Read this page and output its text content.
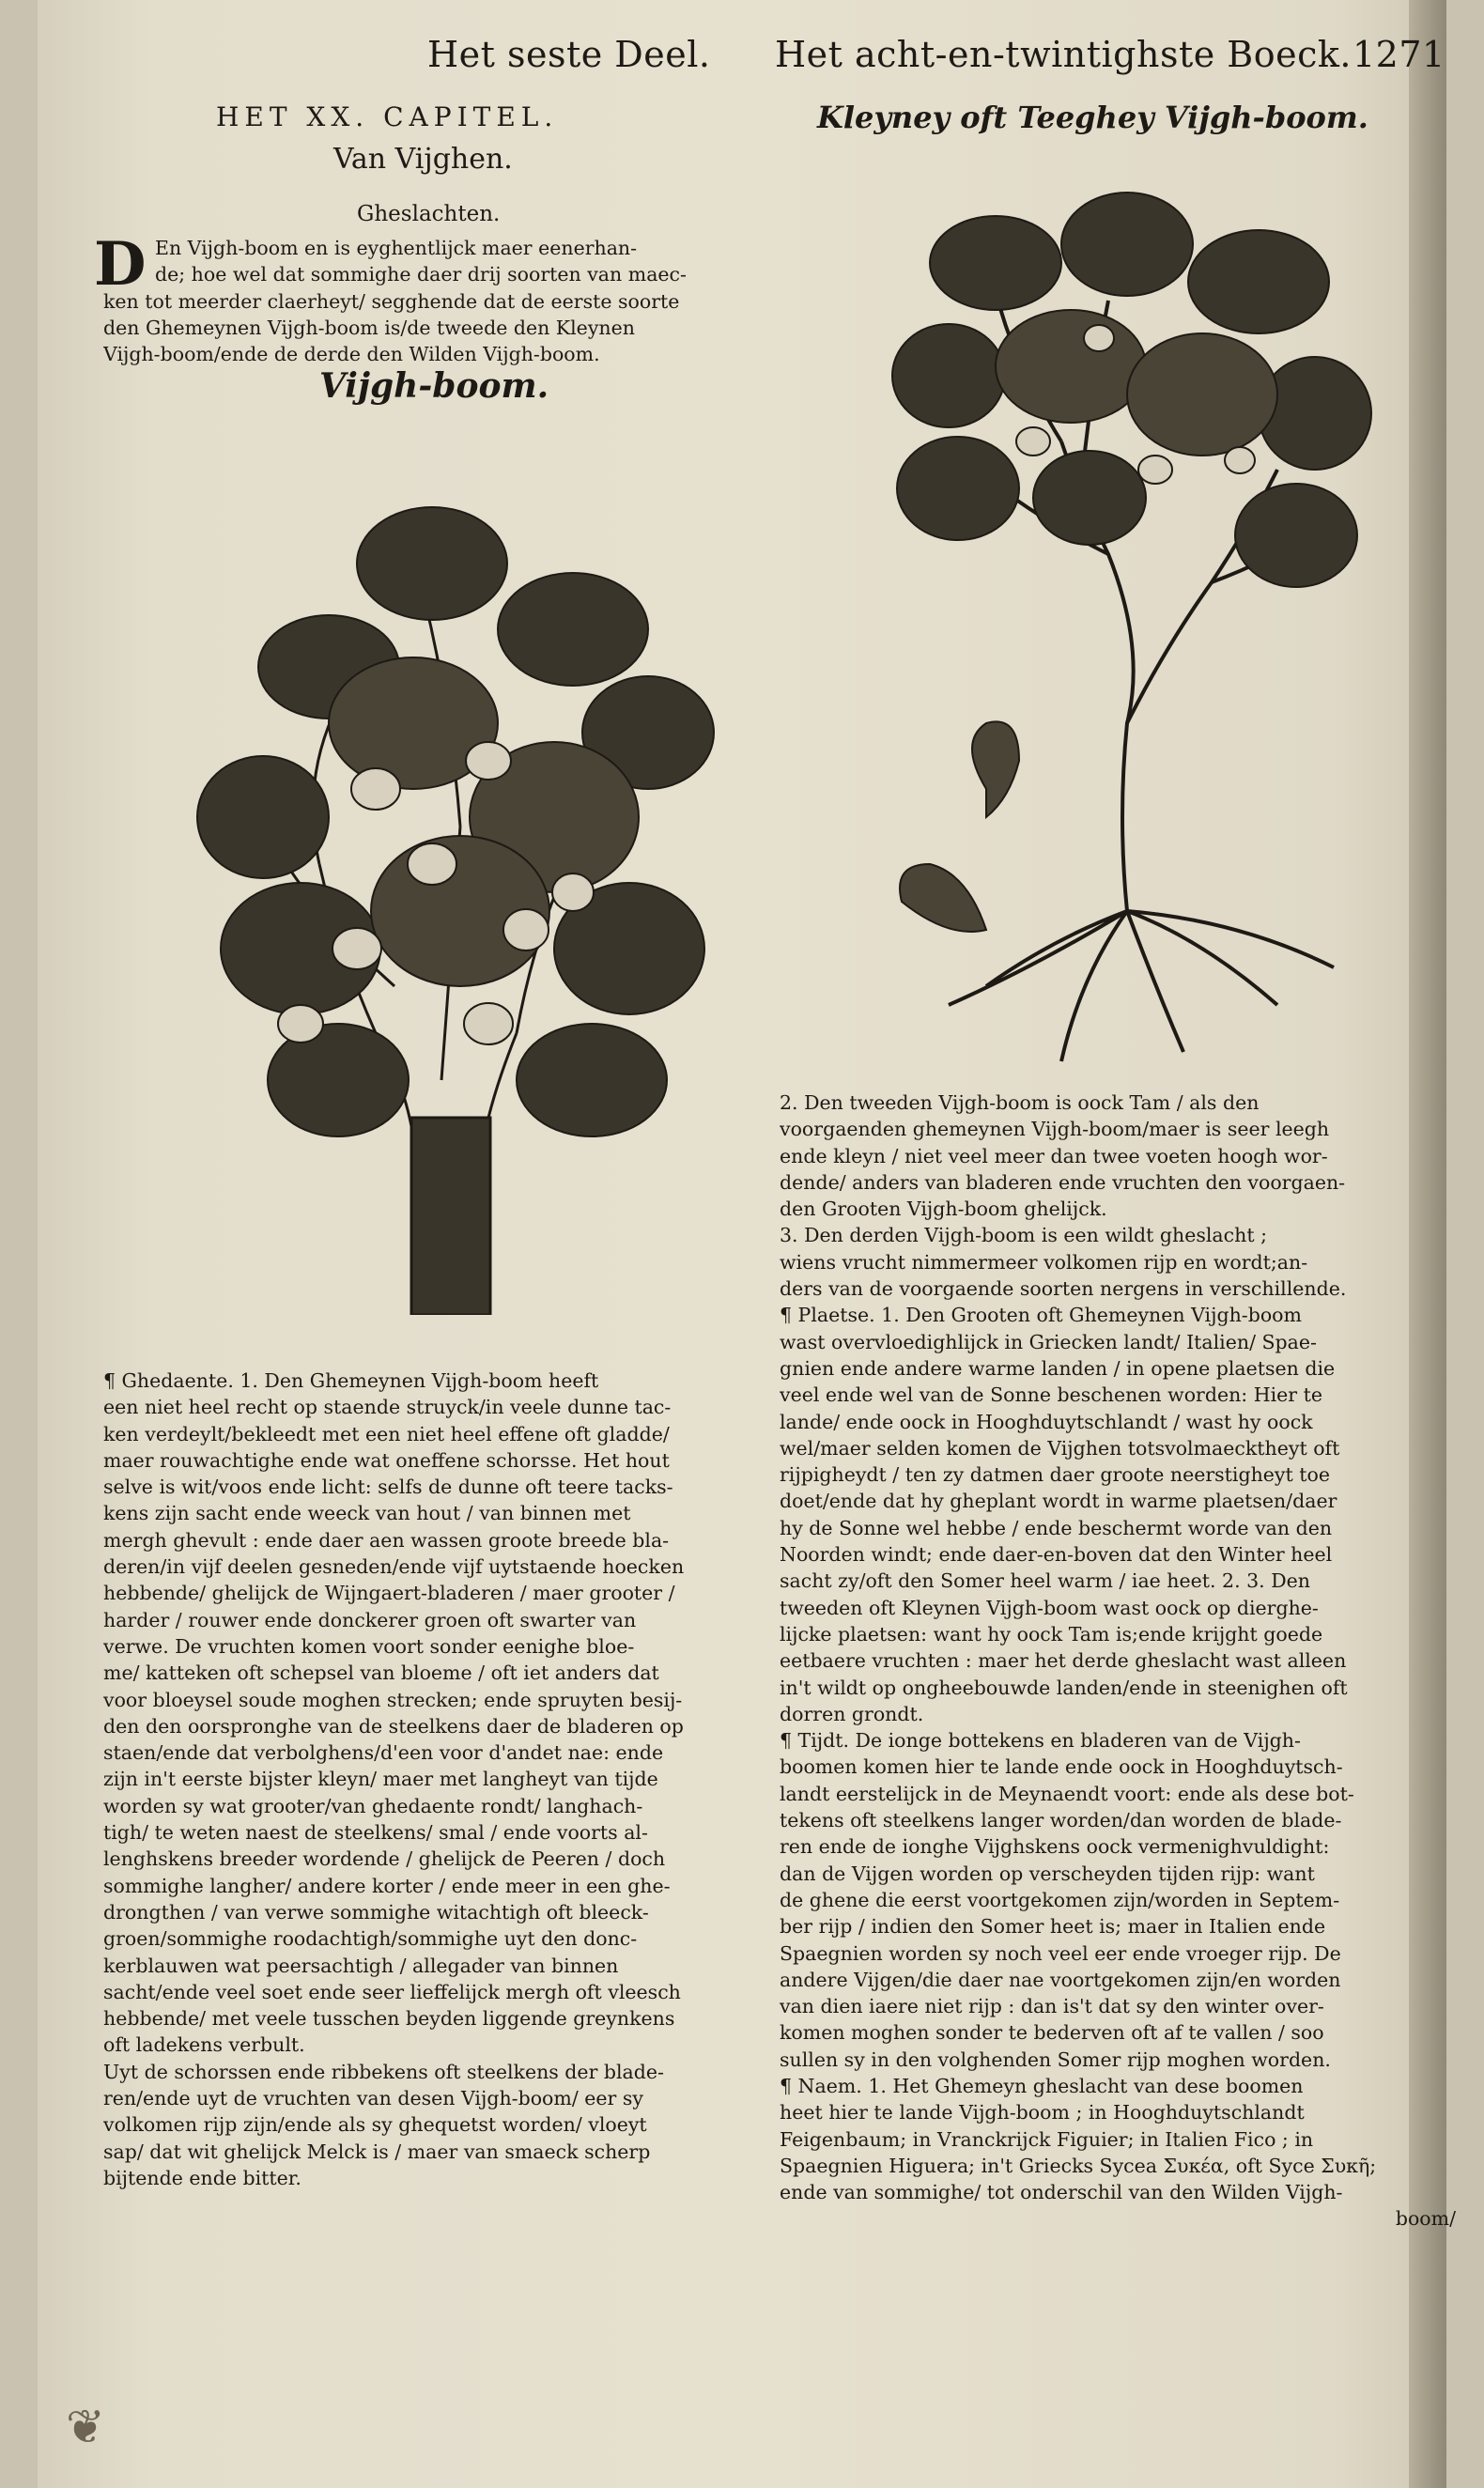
Het seste Deel. Het acht-en-twintighste Boeck. 1271
HET XX. CAPITEL.
Van Vijghen.
Gheslachten.
Kleyney oft Teeghey Vijgh-boom.
D En Vijgh-boom en is eyghentlijck maer eenerhan-
de; hoe wel dat sommighe daer drij soorten van maec-
ken tot meerder claerheyt/ segghende dat de eerste soorte
den Ghemeynen Vijgh-boom is/de tweede den Kleynen
Vijgh-boom/ende de derde den Wilden Vijgh-boom.
Vijgh-boom.
¶ Ghedaente. 1. Den Ghemeynen Vijgh-boom heeft
een niet heel recht op staende struyck/in veele dunne tac-
ken verdeylt/bekleedt met een niet heel effene oft gladde/
maer rouwachtighe ende wat oneffene schorsse. Het hout
selve is wit/voos ende licht: selfs de dunne oft teere tacks-
kens zijn sacht ende weeck van hout / van binnen met
mergh ghevult : ende daer aen wassen groote breede bla-
deren/in vijf deelen gesneden/ende vijf uytstaende hoecken
hebbende/ ghelijck de Wijngaert-bladeren / maer grooter /
harder / rouwer ende donckerer groen oft swarter van
verwe. De vruchten komen voort sonder eenighe bloe-
me/ katteken oft schepsel van bloeme / oft iet anders dat
voor bloeysel soude moghen strecken; ende spruyten besij-
den den oorspronghe van de steelkens daer de bladeren op
staen/ende dat verbolghens/d'een voor d'andet nae: ende
zijn in't eerste bijster kleyn/ maer met langheyt van tijde
worden sy wat grooter/van ghedaente rondt/ langhach-
tigh/ te weten naest de steelkens/ smal / ende voorts al-
lenghskens breeder wordende / ghelijck de Peeren / doch
sommighe langher/ andere korter / ende meer in een ghe-
drongthen / van verwe sommighe witachtigh oft bleeck-
groen/sommighe roodachtigh/sommighe uyt den donc-
kerblauwen wat peersachtigh / allegader van binnen
sacht/ende veel soet ende seer lieffelijck mergh oft vleesch
hebbende/ met veele tusschen beyden liggende greynkens
oft ladekens verbult.
Uyt de schorssen ende ribbekens oft steelkens der blade-
ren/ende uyt de vruchten van desen Vijgh-boom/ eer sy
volkomen rijp zijn/ende als sy ghequetst worden/ vloeyt
sap/ dat wit ghelijck Melck is / maer van smaeck scherp
bijtende ende bitter.
2. Den tweeden Vijgh-boom is oock Tam / als den
voorgaenden ghemeynen Vijgh-boom/maer is seer leegh
ende kleyn / niet veel meer dan twee voeten hoogh wor-
dende/ anders van bladeren ende vruchten den voorgaen-
den Grooten Vijgh-boom ghelijck.
3. Den derden Vijgh-boom is een wildt gheslacht ;
wiens vrucht nimmermeer volkomen rijp en wordt;an-
ders van de voorgaende soorten nergens in verschillende.
¶ Plaetse. 1. Den Grooten oft Ghemeynen Vijgh-boom
wast overvloedighlijck in Griecken landt/ Italien/ Spae-
gnien ende andere warme landen / in opene plaetsen die
veel ende wel van de Sonne beschenen worden: Hier te
lande/ ende oock in Hooghduytschlandt / wast hy oock
wel/maer selden komen de Vijghen totsvolmaecktheyt oft
rijpigheydt / ten zy datmen daer groote neerstigheyt toe
doet/ende dat hy gheplant wordt in warme plaetsen/daer
hy de Sonne wel hebbe / ende beschermt worde van den
Noorden windt; ende daer-en-boven dat den Winter heel
sacht zy/oft den Somer heel warm / iae heet. 2. 3. Den
tweeden oft Kleynen Vijgh-boom wast oock op dierghe-
lijcke plaetsen: want hy oock Tam is;ende krijght goede
eetbaere vruchten : maer het derde gheslacht wast alleen
in't wildt op ongheebouwde landen/ende in steenighen oft
dorren grondt.
¶ Tijdt. De ionge bottekens en bladeren van de Vijgh-
boomen komen hier te lande ende oock in Hooghduytsch-
landt eerstelijck in de Meynaendt voort: ende als dese bot-
tekens oft steelkens langer worden/dan worden de blade-
ren ende de ionghe Vijghskens oock vermenighvuldight:
dan de Vijgen worden op verscheyden tijden rijp: want
de ghene die eerst voortgekomen zijn/worden in Septem-
ber rijp / indien den Somer heet is; maer in Italien ende
Spaegnien worden sy noch veel eer ende vroeger rijp. De
andere Vijgen/die daer nae voortgekomen zijn/en worden
van dien iaere niet rijp : dan is't dat sy den winter over-
komen moghen sonder te bederven oft af te vallen / soo
sullen sy in den volghenden Somer rijp moghen worden.
¶ Naem. 1. Het Ghemeyn gheslacht van dese boomen
heet hier te lande Vijgh-boom ; in Hooghduytschlandt
Feigenbaum; in Vranckrijck Figuier; in Italien Fico ; in
Spaegnien Higuera; in't Griecks Sycea Συκέα, oft Syce Συκῆ;
ende van sommighe/ tot onderschil van den Wilden Vijgh-
boom/
❦
